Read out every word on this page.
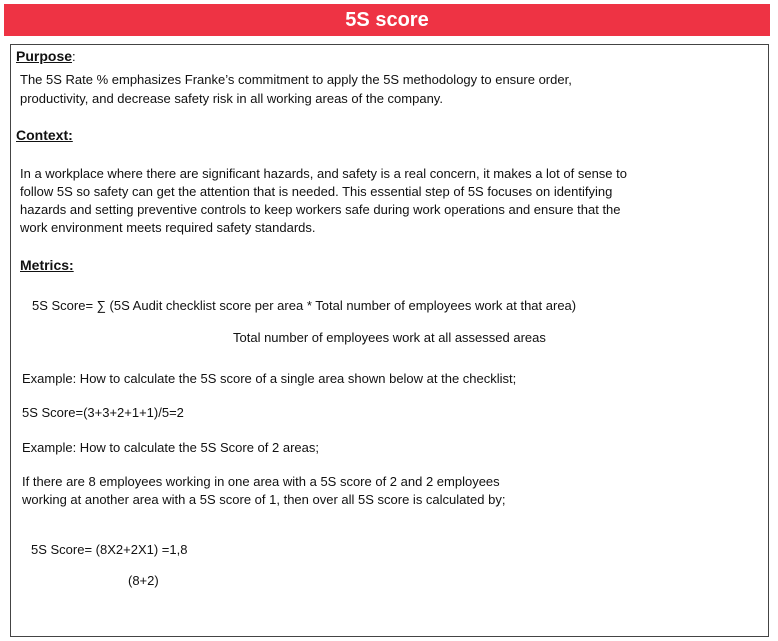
5S score
Purpose:
The 5S Rate % emphasizes Franke’s commitment to apply the 5S methodology to ensure order,
productivity, and decrease safety risk in all working areas of the company.
Context:
In a workplace where there are significant hazards, and safety is a real concern, it makes a lot of sense to
follow 5S so safety can get the attention that is needed. This essential step of 5S focuses on identifying
hazards and setting preventive controls to keep workers safe during work operations and ensure that the
work environment meets required safety standards.
Metrics:
5S Score= ∑ (5S Audit checklist score per area * Total number of employees work at that area)
Total number of employees work at all assessed areas
Example: How to calculate the 5S score of a single area shown below at the checklist;
5S Score=(3+3+2+1+1)/5=2
Example: How to calculate the 5S Score of 2 areas;
If there are 8 employees working in one area with a 5S score of 2 and 2 employees
working at another area with a 5S score of 1, then over all 5S score is calculated by;
5S Score= (8X2+2X1) =1,8
(8+2)
